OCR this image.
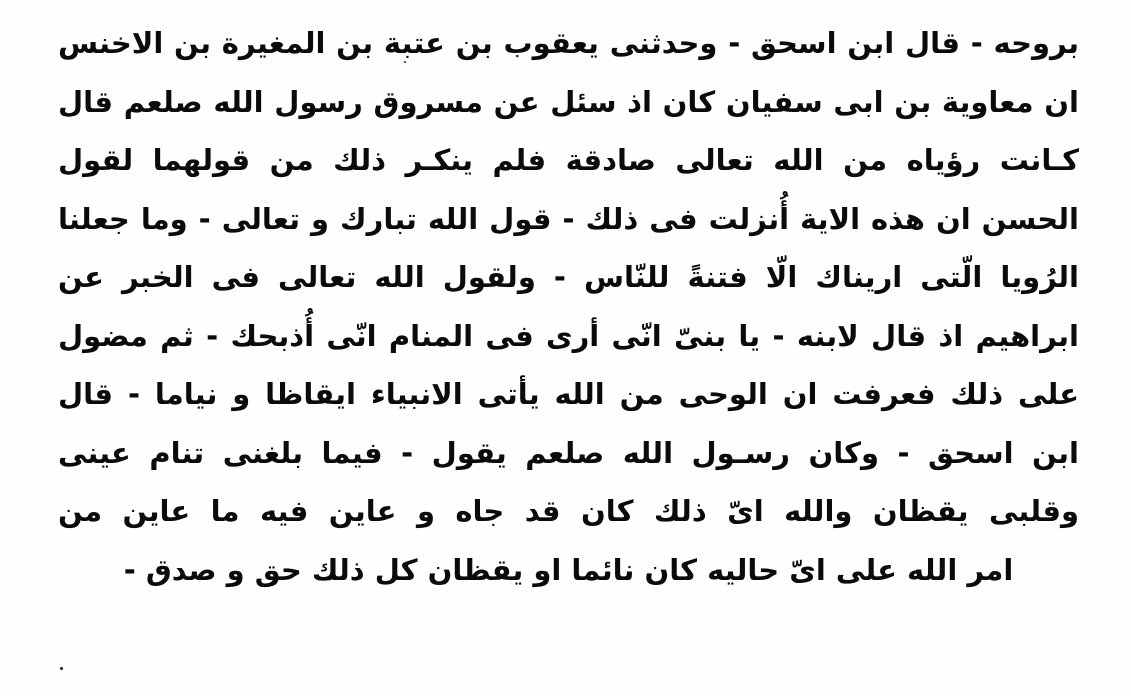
بروحه - قال ابن اسحق - وحدثنى يعقوب بن عتبة بن المغيرة بن الاخنس
ان معاوية بن ابى سفيان كان اذ سئل عن مسروق رسول الله صلعم قال
كـانت رؤياه من الله تعالى صادقة فلم ينكـر ذلك من قولهما لقول
الحسن ان هذه الاية أُنزلت فى ذلك - قول الله تبارك و تعالى - وما جعلنا
الرُويا الّتى اريناك الّا فتنةً للنّاس - ولقول الله تعالى فى الخبر عن
ابراهيم اذ قال لابنه - يا بنىّ انّى أرى فى المنام انّى أُذبحك - ثم مضول
على ذلك فعرفت ان الوحى من الله يأتى الانبياء ايقاظا و نياما - قال
ابن اسحق - وكان رسـول الله صلعم يقول - فيما بلغنى تنام عينى
وقلبى يقظان والله اىّ ذلك كان قد جاه و عاين فيه ما عاين من
امر الله على اىّ حاليه كان نائما او يقظان كل ذلك حق و صدق -
